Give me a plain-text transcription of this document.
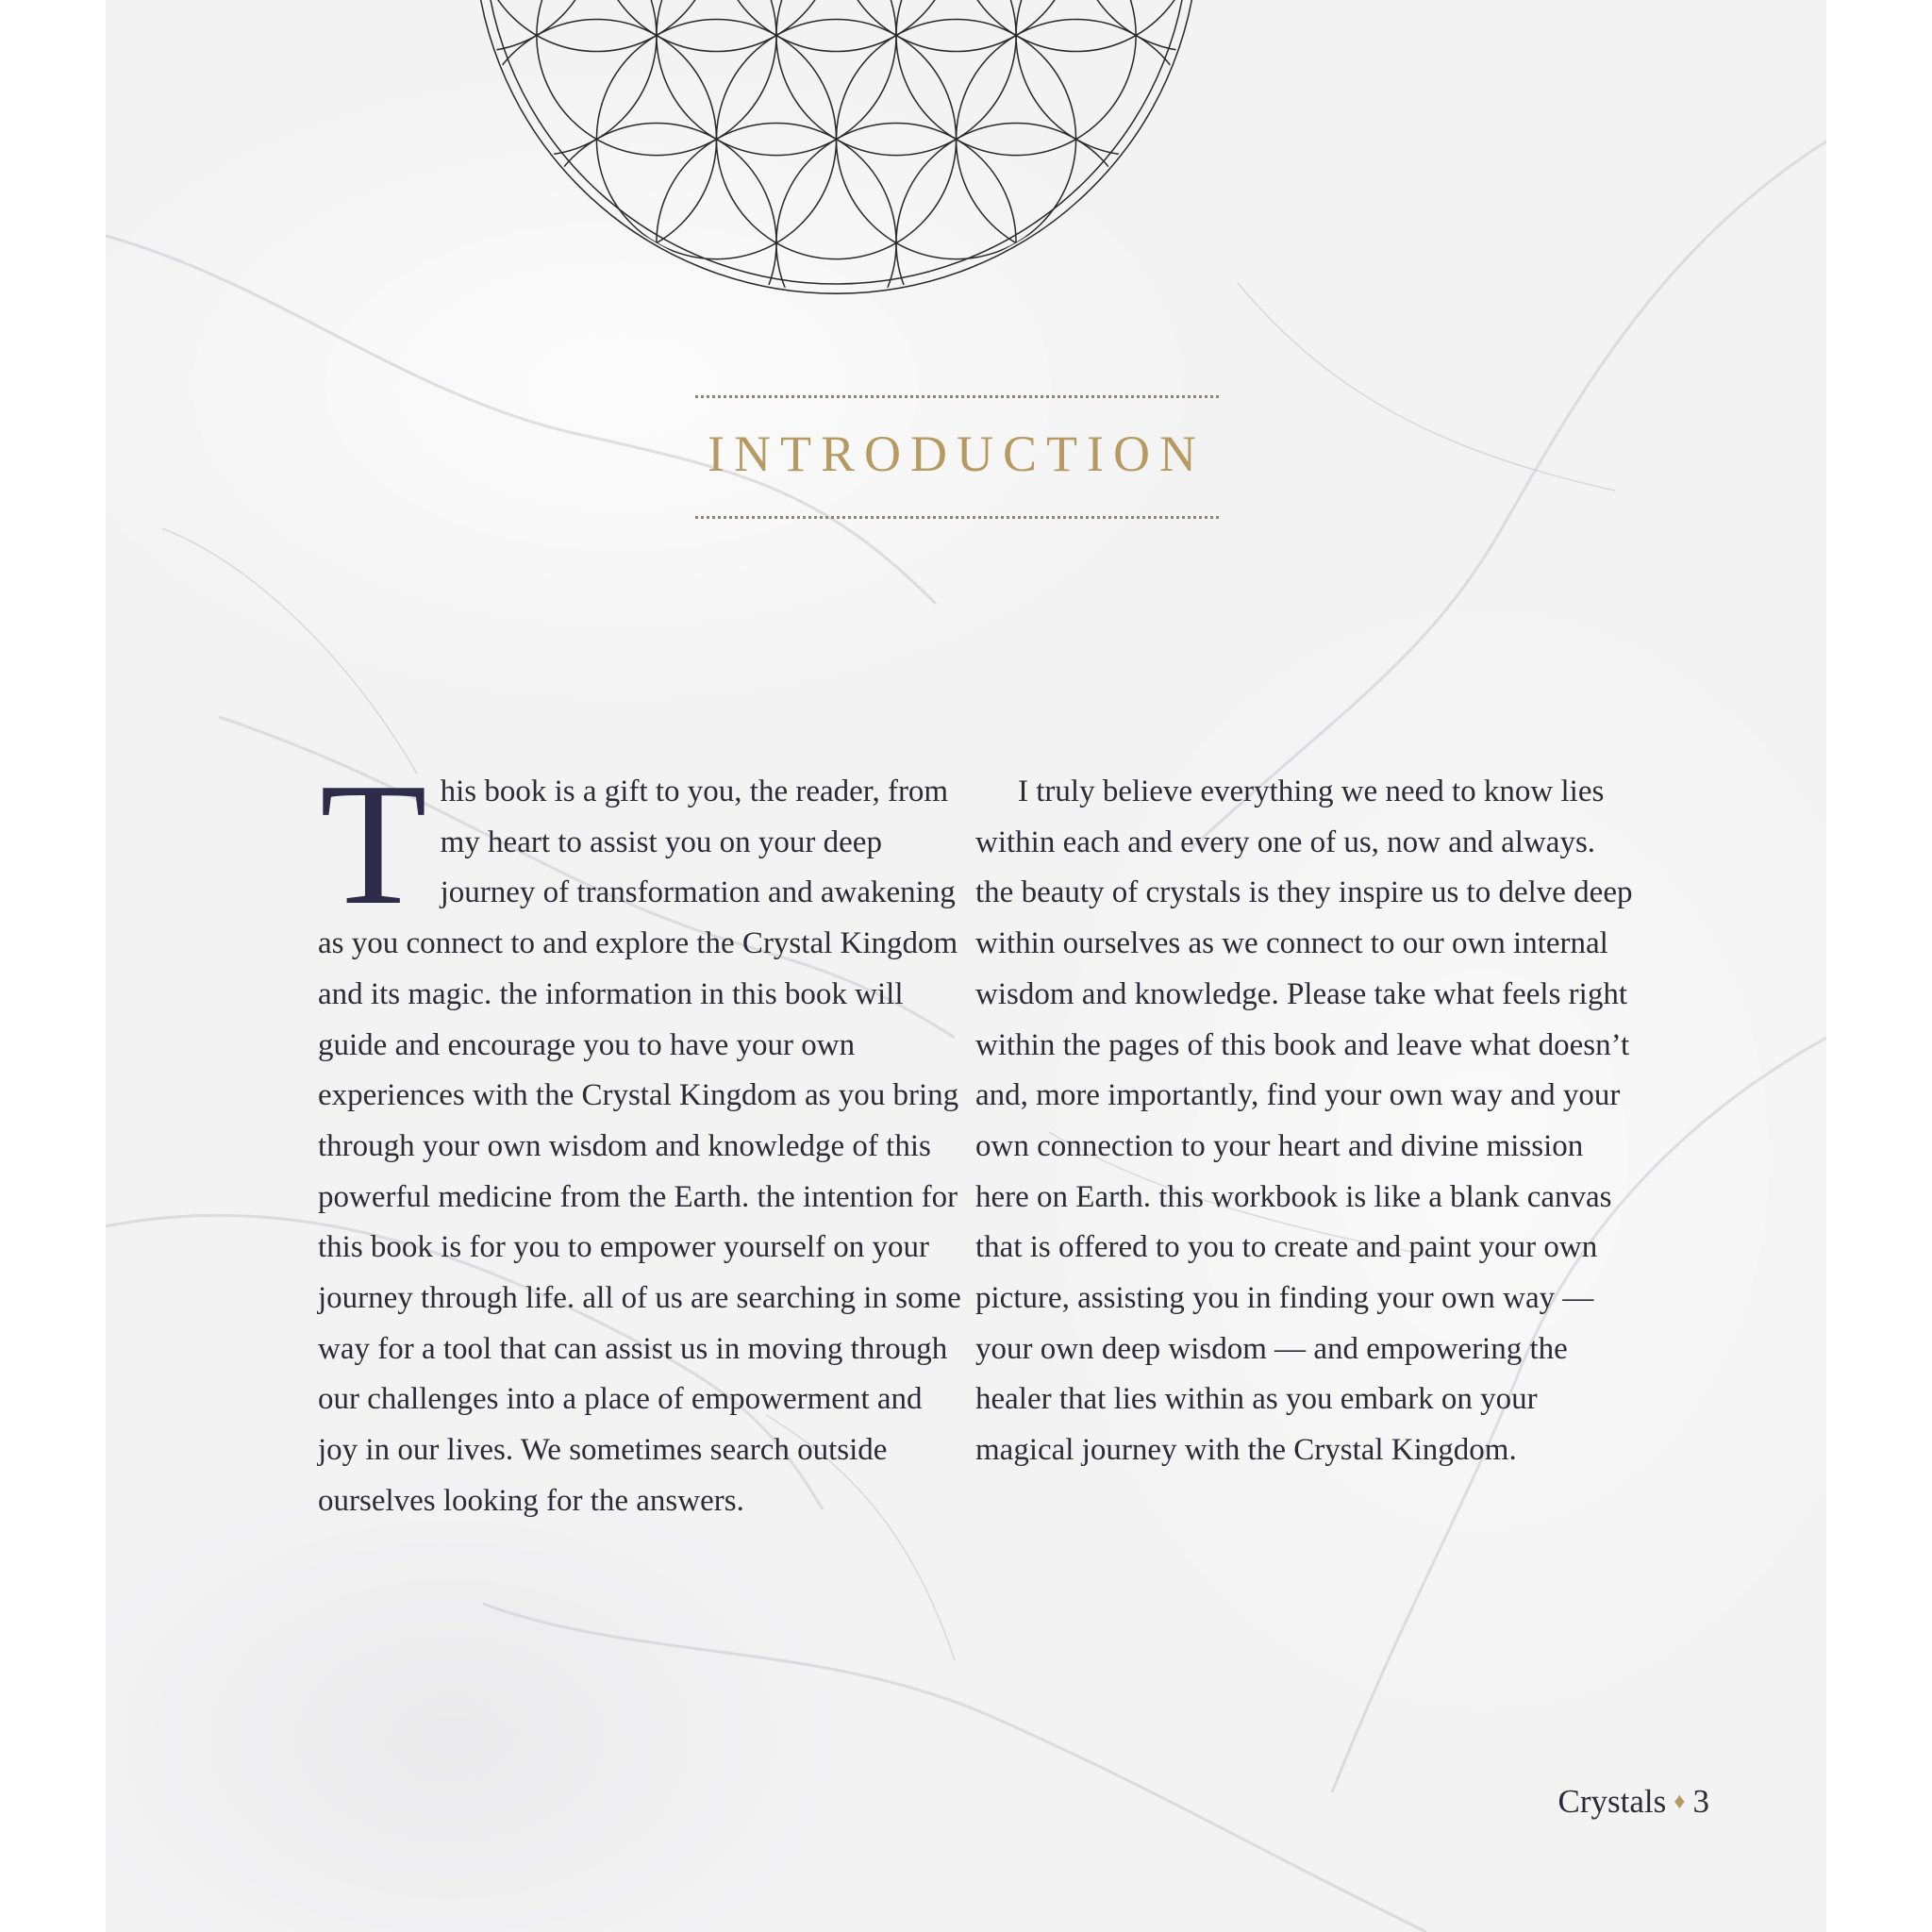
INTRODUCTION

This book is a gift to you, the reader, from my heart to assist you on your deep journey of transformation and awakening as you connect to and explore the Crystal Kingdom and its magic. the information in this book will guide and encourage you to have your own experiences with the Crystal Kingdom as you bring through your own wisdom and knowledge of this powerful medicine from the Earth. the intention for this book is for you to empower yourself on your journey through life. all of us are searching in some way for a tool that can assist us in moving through our challenges into a place of empowerment and joy in our lives. We sometimes search outside ourselves looking for the answers.

I truly believe everything we need to know lies within each and every one of us, now and always. the beauty of crystals is they inspire us to delve deep within ourselves as we connect to our own internal wisdom and knowledge. Please take what feels right within the pages of this book and leave what doesn’t and, more importantly, find your own way and your own connection to your heart and divine mission here on Earth. this workbook is like a blank canvas that is offered to you to create and paint your own picture, assisting you in finding your own way — your own deep wisdom — and empowering the healer that lies within as you embark on your magical journey with the Crystal Kingdom.

Crystals ♦ 3
